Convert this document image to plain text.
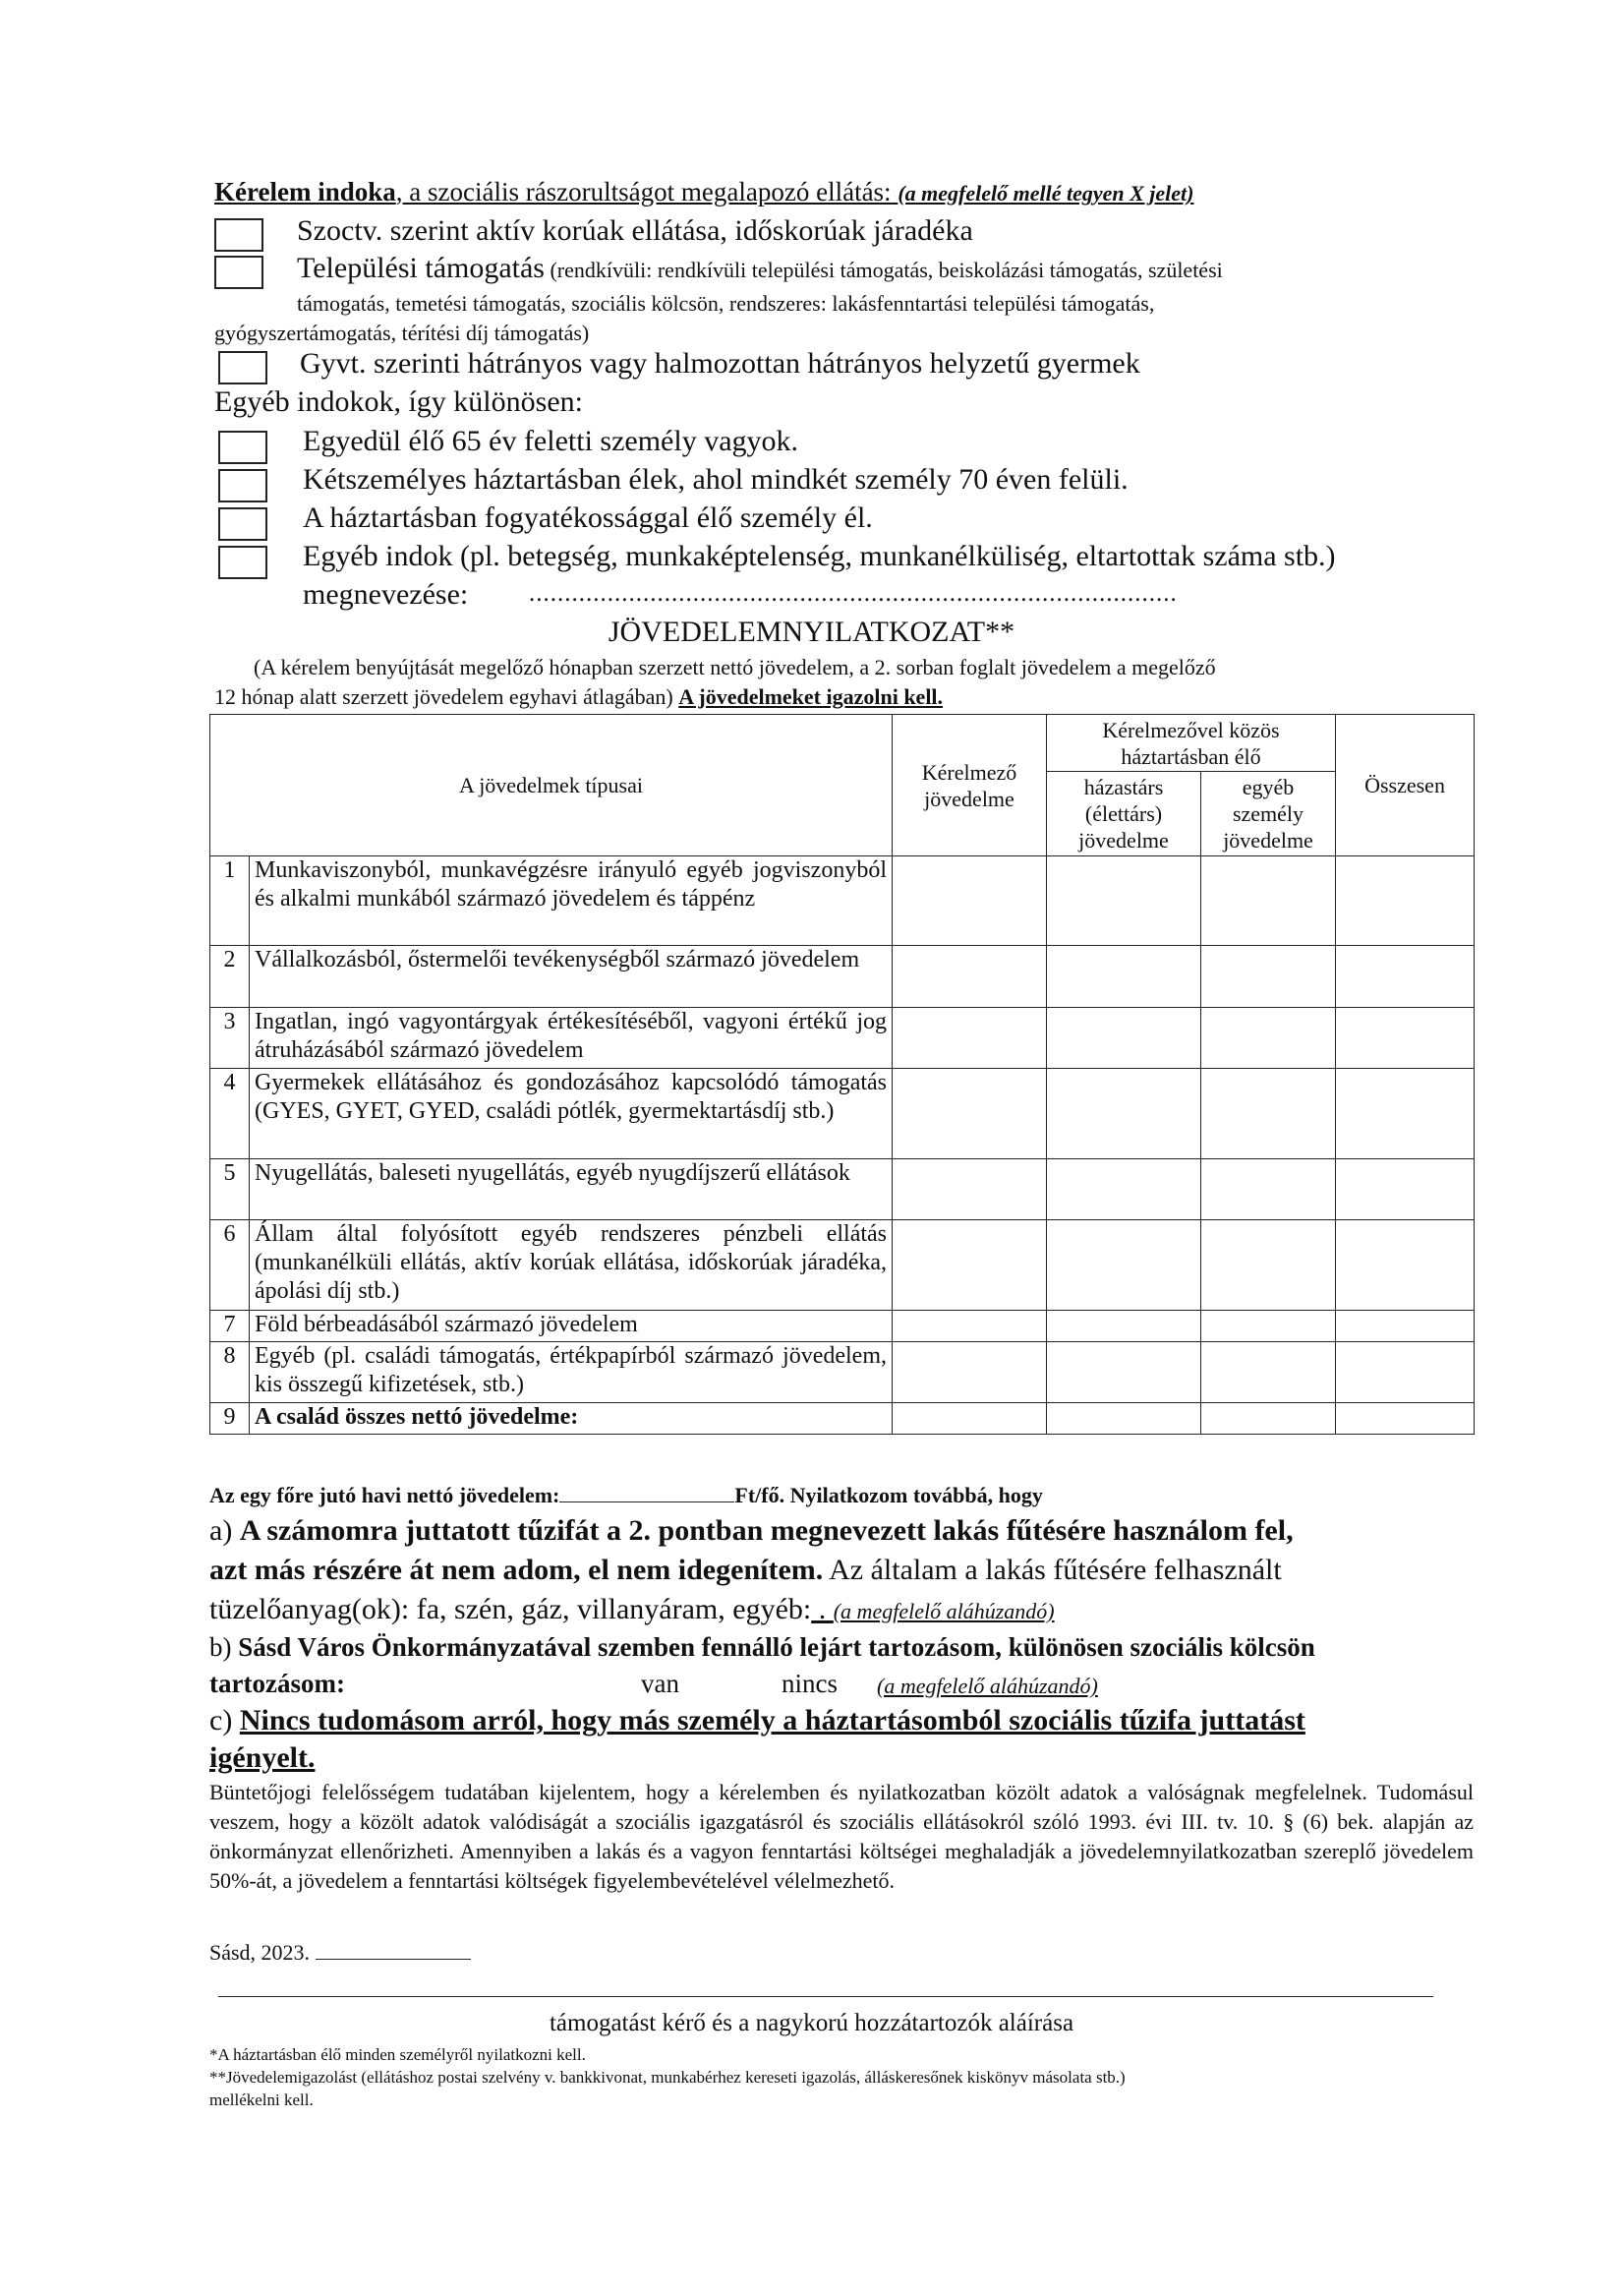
Kérelem indoka, a szociális rászorultságot megalapozó ellátás: (a megfelelő mellé tegyen X jelet)
Szoctv. szerint aktív korúak ellátása, időskorúak járadéka
Települési támogatás (rendkívüli: rendkívüli települési támogatás, beiskolázási támogatás, születési
támogatás, temetési támogatás, szociális kölcsön, rendszeres: lakásfenntartási települési támogatás,
gyógyszertámogatás, térítési díj támogatás)
Gyvt. szerinti hátrányos vagy halmozottan hátrányos helyzetű gyermek
Egyéb indokok, így különösen:
Egyedül élő 65 év feletti személy vagyok.
Kétszemélyes háztartásban élek, ahol mindkét személy 70 éven felüli.
A háztartásban fogyatékossággal élő személy él.
Egyéb indok (pl. betegség, munkaképtelenség, munkanélküliség, eltartottak száma stb.)
megnevezése: ...........................................................................................
JÖVEDELEMNYILATKOZAT**
(A kérelem benyújtását megelőző hónapban szerzett nettó jövedelem, a 2. sorban foglalt jövedelem a megelőző
12 hónap alatt szerzett jövedelem egyhavi átlagában) A jövedelmeket igazolni kell.
A jövedelmek típusai		Kérelmező jövedelme	Kérelmezővel közös háztartásban élő		Összesen
			házastárs (élettárs) jövedelme	egyéb személy jövedelme	
1	Munkaviszonyból, munkavégzésre irányuló egyéb jogviszonyból és alkalmi munkából származó jövedelem és táppénz				
2	Vállalkozásból, őstermelői tevékenységből származó jövedelem				
3	Ingatlan, ingó vagyontárgyak értékesítéséből, vagyoni értékű jog átruházásából származó jövedelem				
4	Gyermekek ellátásához és gondozásához kapcsolódó támogatás (GYES, GYET, GYED, családi pótlék, gyermektartásdíj stb.)				
5	Nyugellátás, baleseti nyugellátás, egyéb nyugdíjszerű ellátások				
6	Állam által folyósított egyéb rendszeres pénzbeli ellátás (munkanélküli ellátás, aktív korúak ellátása, időskorúak járadéka, ápolási díj stb.)				
7	Föld bérbeadásából származó jövedelem				
8	Egyéb (pl. családi támogatás, értékpapírból származó jövedelem, kis összegű kifizetések, stb.)				
9	A család összes nettó jövedelme:				
Az egy főre jutó havi nettó jövedelem:	Ft/fő. Nyilatkozom továbbá, hogy
a) A számomra juttatott tűzifát a 2. pontban megnevezett lakás fűtésére használom fel,
azt más részére át nem adom, el nem idegenítem. Az általam a lakás fűtésére felhasznált
tüzelőanyag(ok): fa, szén, gáz, villanyáram, egyéb: . (a megfelelő aláhúzandó)
b) Sásd Város Önkormányzatával szemben fennálló lejárt tartozásom, különösen szociális kölcsön
tartozásom:	van	nincs (a megfelelő aláhúzandó)
c) Nincs tudomásom arról, hogy más személy a háztartásomból szociális tűzifa juttatást
igényelt.
Büntetőjogi felelősségem tudatában kijelentem, hogy a kérelemben és nyilatkozatban közölt adatok a valóságnak megfelelnek. Tudomásul veszem, hogy a közölt adatok valódiságát a szociális igazgatásról és szociális ellátásokról szóló 1993. évi III. tv. 10. § (6) bek. alapján az önkormányzat ellenőrizheti. Amennyiben a lakás és a vagyon fenntartási költségei meghaladják a jövedelemnyilatkozatban szereplő jövedelem 50%-át, a jövedelem a fenntartási költségek figyelembevételével vélelmezhető.
Sásd, 2023.
támogatást kérő és a nagykorú hozzátartozók aláírása
*A háztartásban élő minden személyről nyilatkozni kell.
**Jövedelemigazolást (ellátáshoz postai szelvény v. bankkivonat, munkabérhez kereseti igazolás, álláskeresőnek kiskönyv másolata stb.)
mellékelni kell.
